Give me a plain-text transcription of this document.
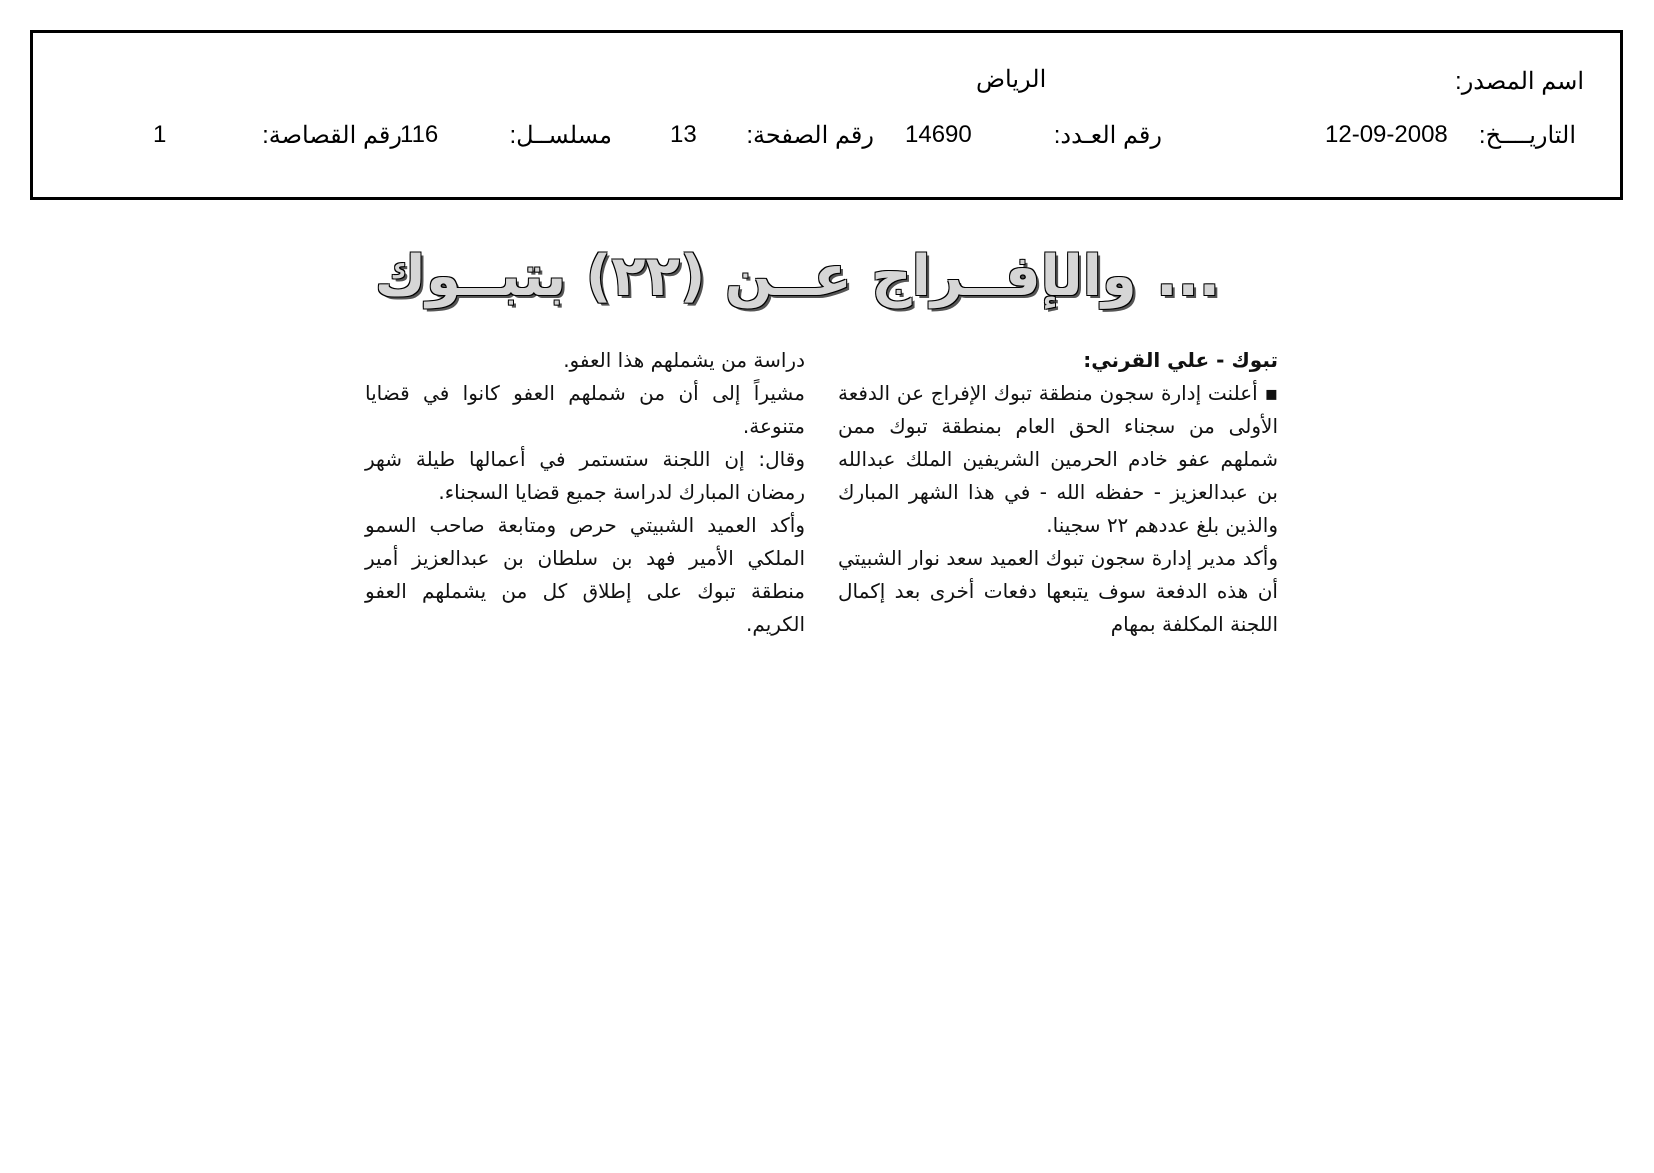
اسم المصدر:
الرياض
التاريــــخ:
12-09-2008
رقم العـدد:
14690
رقم الصفحة:
13
مسلســل:
116
رقم القصاصة:
1
... والإفــراج عــن (٢٢) بتبــوك

تبوك - علي القرني:

▪ أعلنت إدارة سجون منطقة تبوك الإفراج عن الدفعة الأولى من سجناء الحق العام بمنطقة تبوك ممن شملهم عفو خادم الحرمين الشريفين الملك عبدالله بن عبدالعزيز - حفظه الله - في هذا الشهر المبارك والذين بلغ عددهم ٢٢ سجينا.

وأكد مدير إدارة سجون تبوك العميد سعد نوار الشبيتي أن هذه الدفعة سوف يتبعها دفعات أخرى بعد إكمال اللجنة المكلفة بمهام

دراسة من يشملهم هذا العفو.

مشيراً إلى أن من شملهم العفو كانوا في قضايا متنوعة.

وقال: إن اللجنة ستستمر في أعمالها طيلة شهر رمضان المبارك لدراسة جميع قضايا السجناء.

وأكد العميد الشبيتي حرص ومتابعة صاحب السمو الملكي الأمير فهد بن سلطان بن عبدالعزيز أمير منطقة تبوك على إطلاق كل من يشملهم العفو الكريم.
